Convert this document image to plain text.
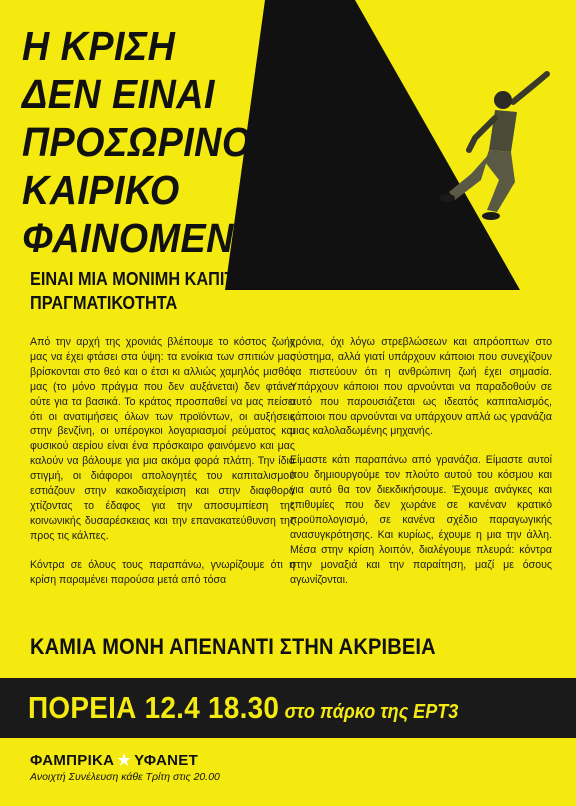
Η ΚΡΙΣΗ
ΔΕΝ ΕΙΝΑΙ
ΠΡΟΣΩΡΙΝΟ
ΚΑΙΡΙΚΟ
ΦΑΙΝΟΜΕΝΟ
ΕΙΝΑΙ ΜΙΑ ΜΟΝΙΜΗ ΚΑΠΙΤΑΛΙΣΤΙΚΗ
ΠΡΑΓΜΑΤΙΚΟΤΗΤΑ

Από την αρχή της χρονιάς βλέπουμε το κόστος ζωής μας να έχει φτάσει στα ύψη: τα ενοίκια των σπιτιών μας βρίσκονται στο θεό και ο έτσι κι αλλιώς χαμηλός μισθός μας (το μόνο πράγμα που δεν αυξάνεται) δεν φτάνει ούτε για τα βασικά. Το κράτος προσπαθεί να μας πείσει ότι οι ανατιμήσεις όλων των προϊόντων, οι αυξήσεις στην βενζίνη, οι υπέρογκοι λογαριασμοί ρεύματος και φυσικού αερίου είναι ένα πρόσκαιρο φαινόμενο και μας καλούν να βάλουμε για μια ακόμα φορά πλάτη. Την ίδια στιγμή, οι διάφοροι απολογητές του καπιταλισμού εστιάζουν στην κακοδιαχείριση και στην διαφθορά χτίζοντας το έδαφος για την αποσυμπίεση της κοινωνικής δυσαρέσκειας και την επανακατεύθυνση της προς τις κάλπες.

Κόντρα σε όλους τους παραπάνω, γνωρίζουμε ότι η κρίση παραμένει παρούσα μετά από τόσα

χρόνια, όχι λόγω στρεβλώσεων και απρόοπτων στο σύστημα, αλλά γιατί υπάρχουν κάποιοι που συνεχίζουν να πιστεύουν ότι η ανθρώπινη ζωή έχει σημασία. Υπάρχουν κάποιοι που αρνούνται να παραδοθούν σε αυτό που παρουσιάζεται ως ιδεατός καπιταλισμός, κάποιοι που αρνούνται να υπάρχουν απλά ως γρανάζια μιας καλολαδωμένης μηχανής.

Είμαστε κάτι παραπάνω από γρανάζια. Είμαστε αυτοί που δημιουργούμε τον πλούτο αυτού του κόσμου και για αυτό θα τον διεκδικήσουμε. Έχουμε ανάγκες και επιθυμίες που δεν χωράνε σε κανέναν κρατικό προϋπολογισμό, σε κανένα σχέδιο παραγωγικής ανασυγκρότησης. Και κυρίως, έχουμε η μια την άλλη. Μέσα στην κρίση λοιπόν, διαλέγουμε πλευρά: κόντρα στην μοναξιά και την παραίτηση, μαζί με όσους αγωνίζονται.

ΚΑΜΙΑ ΜΟΝΗ ΑΠΕΝΑΝΤΙ ΣΤΗΝ ΑΚΡΙΒΕΙΑ
ΠΟΡΕΙΑ 12.4 18.30 στο πάρκο της ΕΡΤ3
ΦΑΜΠΡΙΚΑ ★ ΥΦΑΝΕΤ
Ανοιχτή Συνέλευση κάθε Τρίτη στις 20.00
